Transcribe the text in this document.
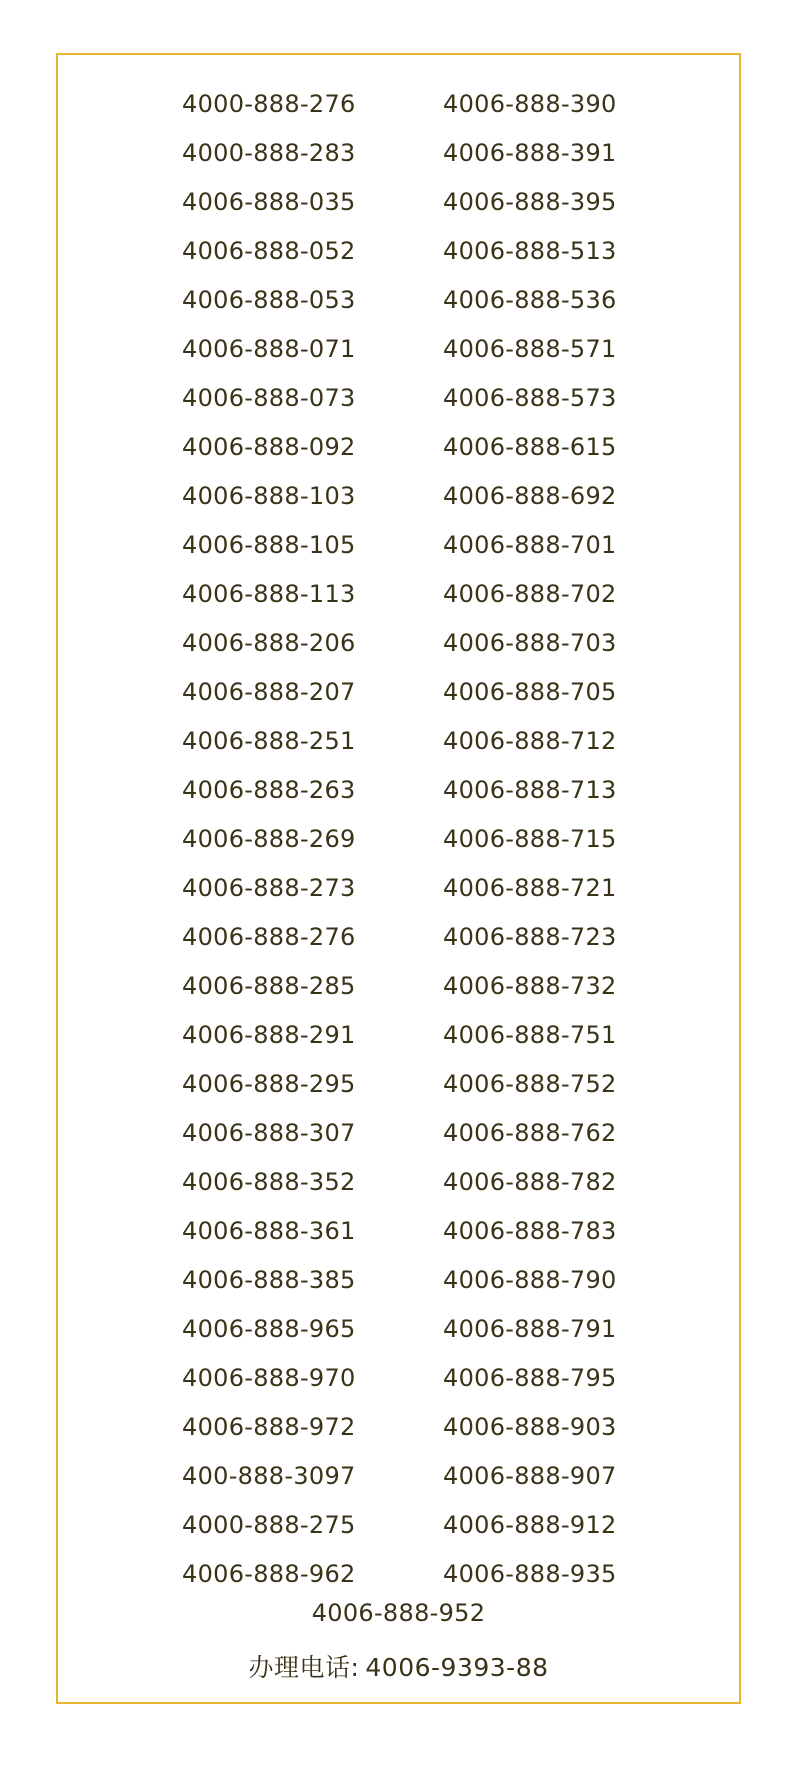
4000-888-276	4006-888-390
4000-888-283	4006-888-391
4006-888-035	4006-888-395
4006-888-052	4006-888-513
4006-888-053	4006-888-536
4006-888-071	4006-888-571
4006-888-073	4006-888-573
4006-888-092	4006-888-615
4006-888-103	4006-888-692
4006-888-105	4006-888-701
4006-888-113	4006-888-702
4006-888-206	4006-888-703
4006-888-207	4006-888-705
4006-888-251	4006-888-712
4006-888-263	4006-888-713
4006-888-269	4006-888-715
4006-888-273	4006-888-721
4006-888-276	4006-888-723
4006-888-285	4006-888-732
4006-888-291	4006-888-751
4006-888-295	4006-888-752
4006-888-307	4006-888-762
4006-888-352	4006-888-782
4006-888-361	4006-888-783
4006-888-385	4006-888-790
4006-888-965	4006-888-791
4006-888-970	4006-888-795
4006-888-972	4006-888-903
400-888-3097	4006-888-907
4000-888-275	4006-888-912
4006-888-962	4006-888-935
4006-888-952
办理电话: 4006-9393-88
